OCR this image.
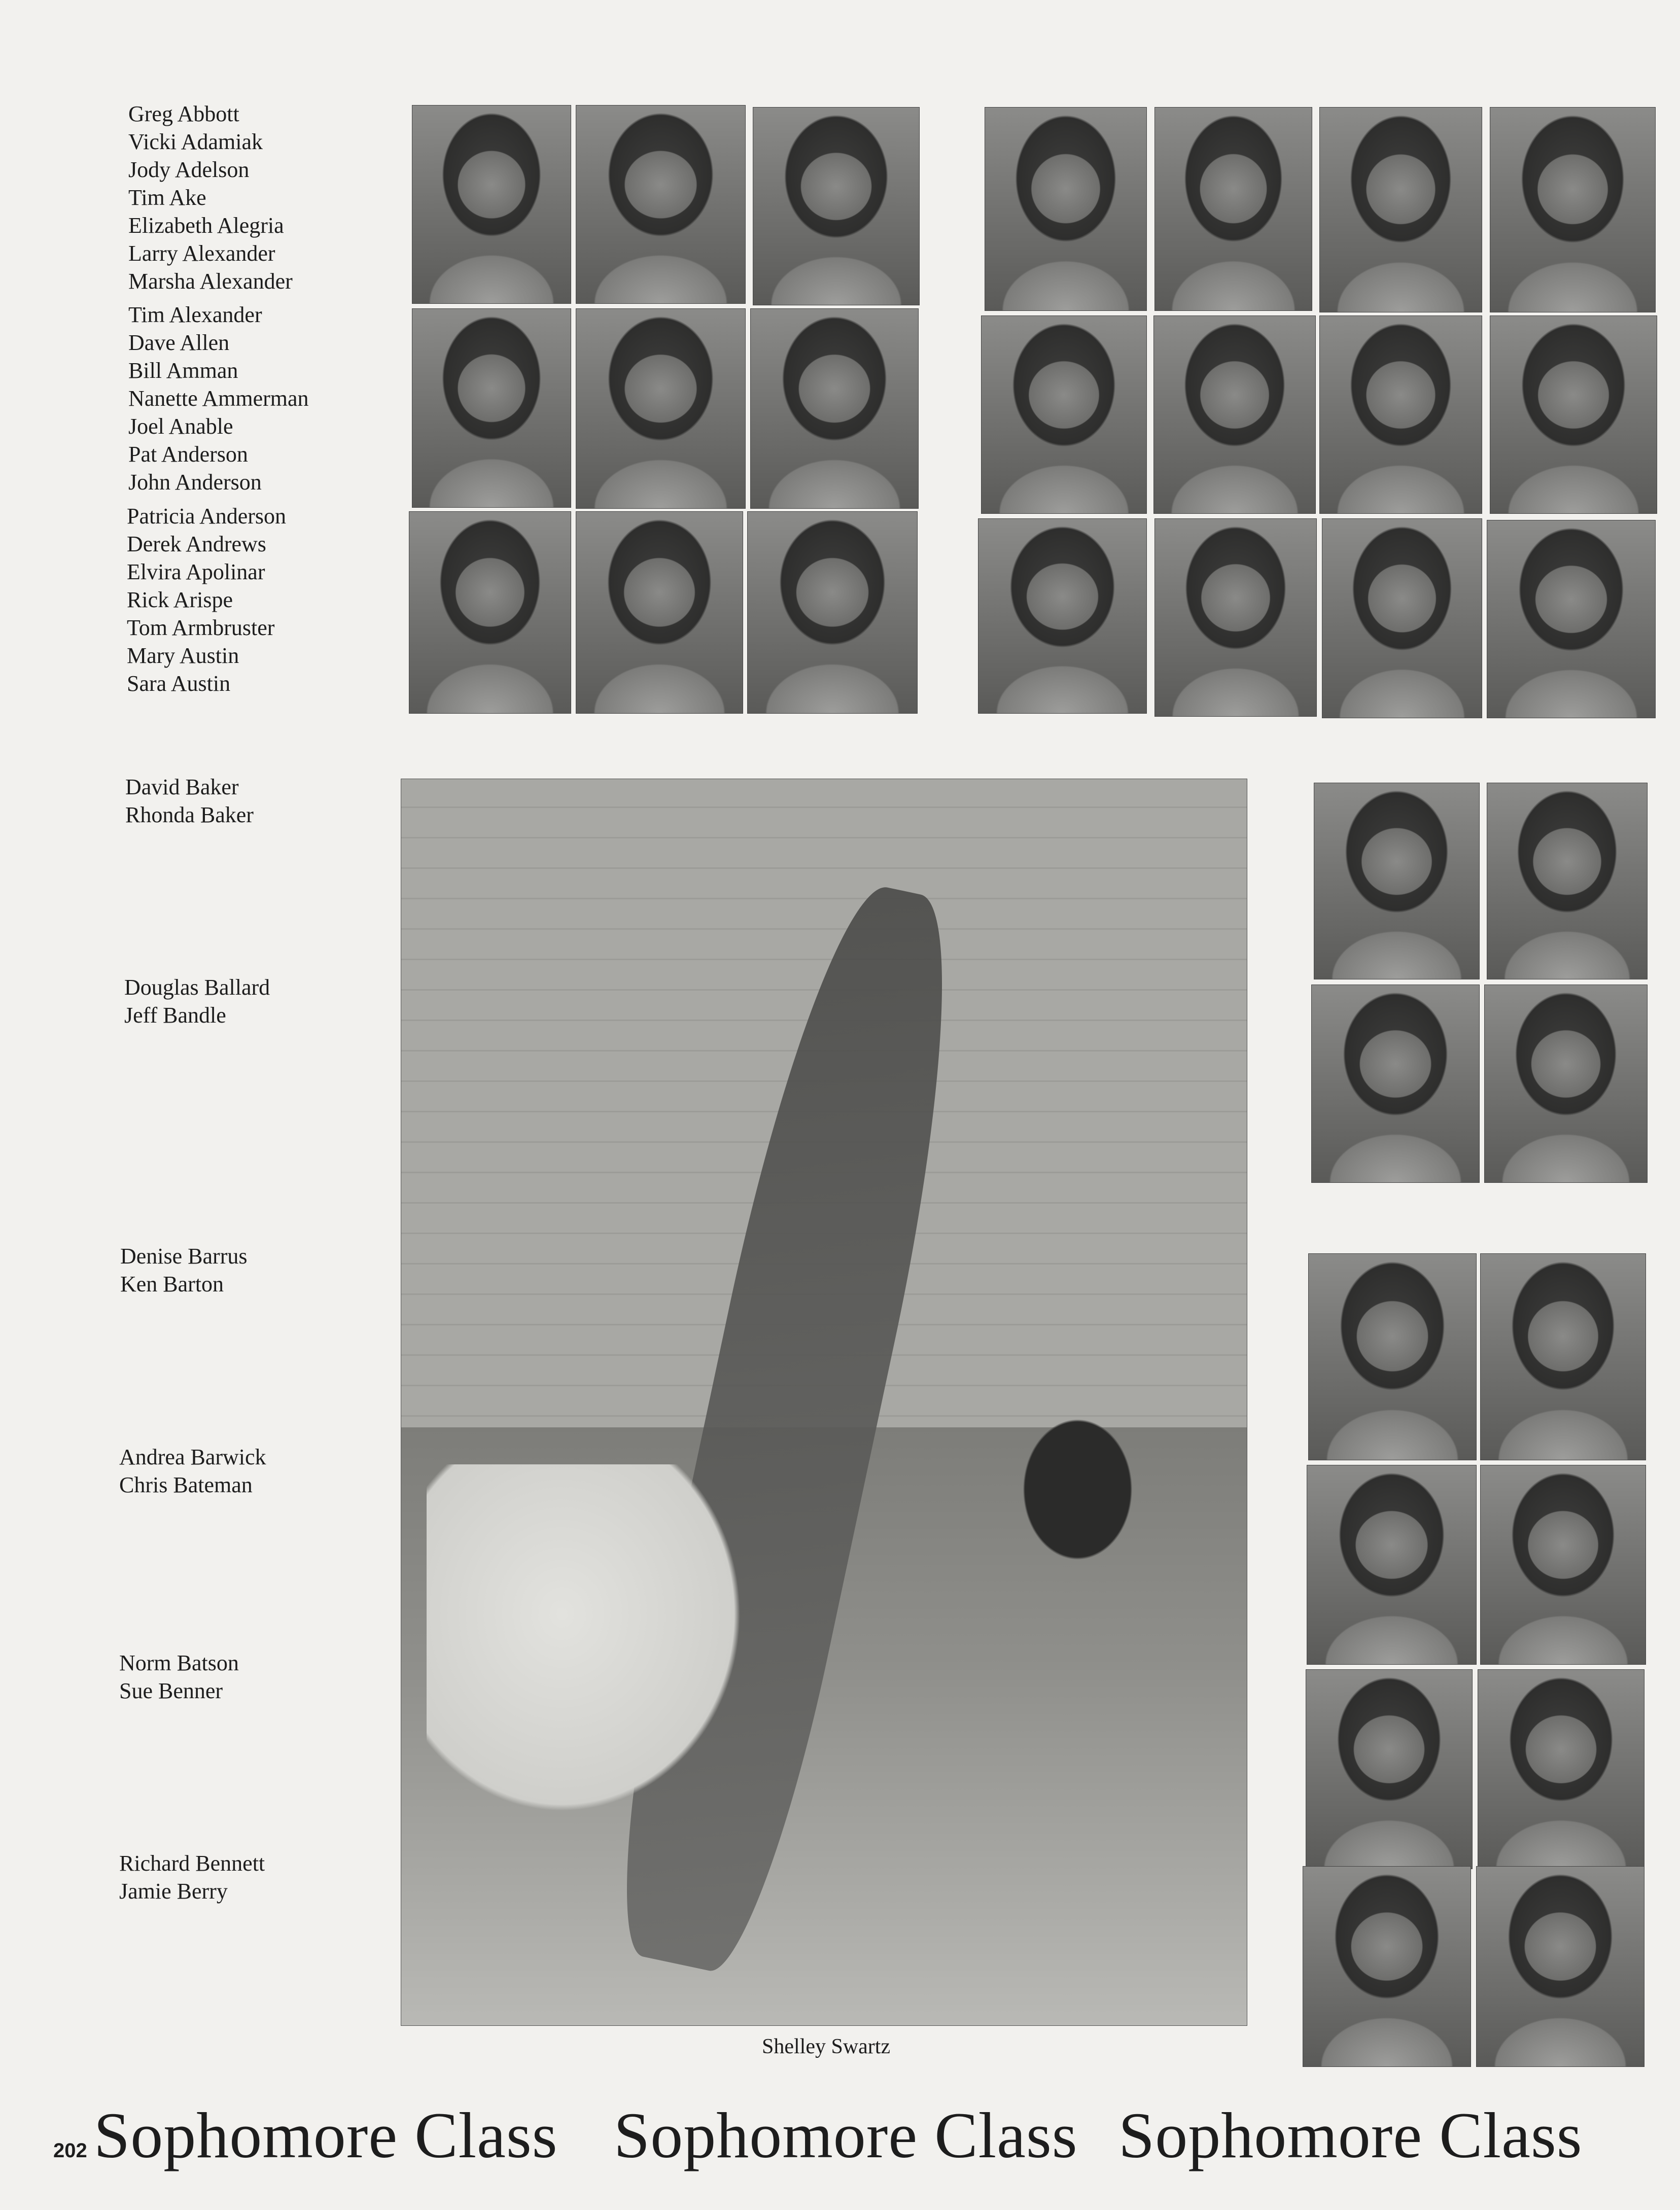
Greg Abbott
Vicki Adamiak
Jody Adelson
Tim Ake
Elizabeth Alegria
Larry Alexander
Marsha Alexander
Tim Alexander
Dave Allen
Bill Amman
Nanette Ammerman
Joel Anable
Pat Anderson
John Anderson
Patricia Anderson
Derek Andrews
Elvira Apolinar
Rick Arispe
Tom Armbruster
Mary Austin
Sara Austin
David Baker
Rhonda Baker
Douglas Ballard
Jeff Bandle
Denise Barrus
Ken Barton
Andrea Barwick
Chris Bateman
Norm Batson
Sue Benner
Richard Bennett
Jamie Berry
Shelley Swartz
202 Sophomore Class Sophomore Class Sophomore Class
